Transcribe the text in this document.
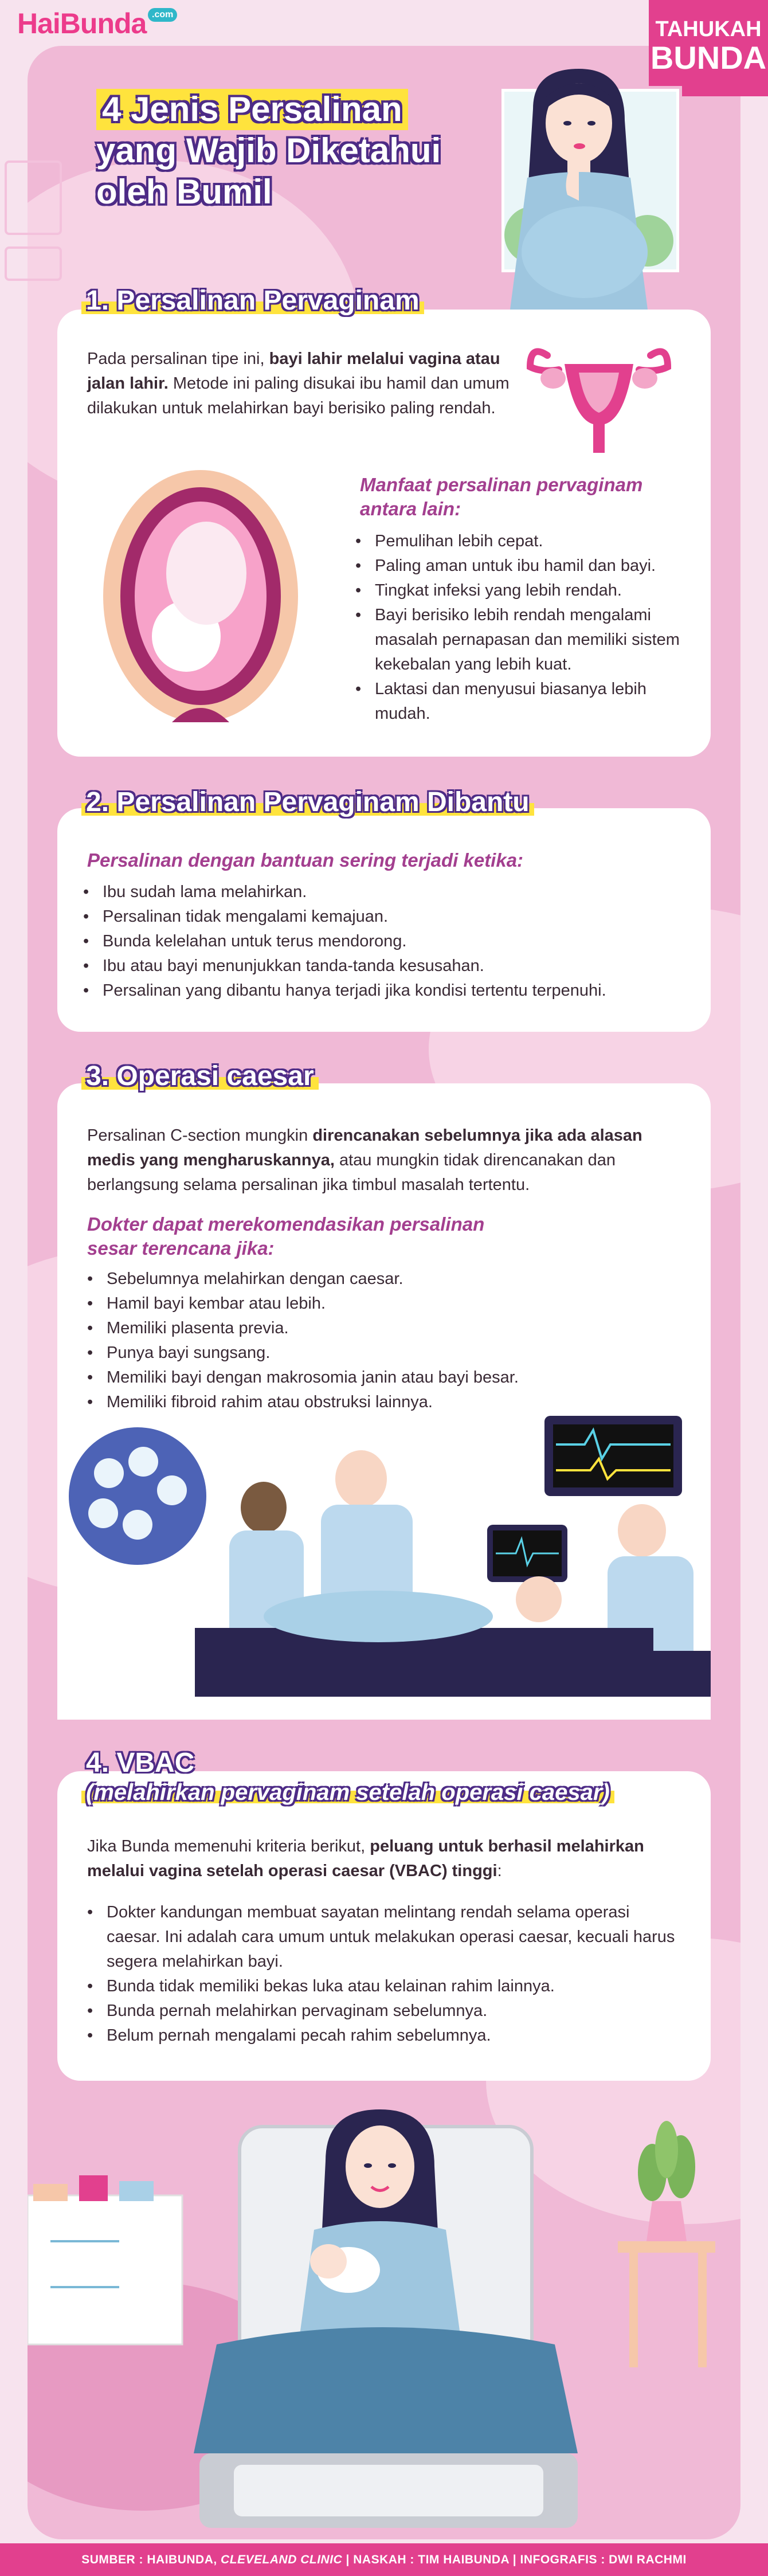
HaiBunda .com
TAHUKAH
BUNDA
4 Jenis Persalinan
yang Wajib Diketahui
oleh Bumil
1. Persalinan Pervaginam
Pada persalinan tipe ini, bayi lahir melalui vagina atau jalan lahir. Metode ini paling disukai ibu hamil dan umum dilakukan untuk melahirkan bayi berisiko paling rendah.
Manfaat persalinan pervaginam
antara lain:
• Pemulihan lebih cepat.
• Paling aman untuk ibu hamil dan bayi.
• Tingkat infeksi yang lebih rendah.
• Bayi berisiko lebih rendah mengalami masalah pernapasan dan memiliki sistem kekebalan yang lebih kuat.
• Laktasi dan menyusui biasanya lebih mudah.
2. Persalinan Pervaginam Dibantu
Persalinan dengan bantuan sering terjadi ketika:
• Ibu sudah lama melahirkan.
• Persalinan tidak mengalami kemajuan.
• Bunda kelelahan untuk terus mendorong.
• Ibu atau bayi menunjukkan tanda-tanda kesusahan.
• Persalinan yang dibantu hanya terjadi jika kondisi tertentu terpenuhi.
3. Operasi caesar
Persalinan C-section mungkin direncanakan sebelumnya jika ada alasan medis yang mengharuskannya, atau mungkin tidak direncanakan dan berlangsung selama persalinan jika timbul masalah tertentu.
Dokter dapat merekomendasikan persalinan
sesar terencana jika:
• Sebelumnya melahirkan dengan caesar.
• Hamil bayi kembar atau lebih.
• Memiliki plasenta previa.
• Punya bayi sungsang.
• Memiliki bayi dengan makrosomia janin atau bayi besar.
• Memiliki fibroid rahim atau obstruksi lainnya.
4. VBAC
(melahirkan pervaginam setelah operasi caesar)
Jika Bunda memenuhi kriteria berikut, peluang untuk berhasil melahirkan melalui vagina setelah operasi caesar (VBAC) tinggi:
• Dokter kandungan membuat sayatan melintang rendah selama operasi caesar. Ini adalah cara umum untuk melakukan operasi caesar, kecuali harus segera melahirkan bayi.
• Bunda tidak memiliki bekas luka atau kelainan rahim lainnya.
• Bunda pernah melahirkan pervaginam sebelumnya.
• Belum pernah mengalami pecah rahim sebelumnya.
SUMBER : HAIBUNDA, CLEVELAND CLINIC | NASKAH : TIM HAIBUNDA | INFOGRAFIS : DWI RACHMI
